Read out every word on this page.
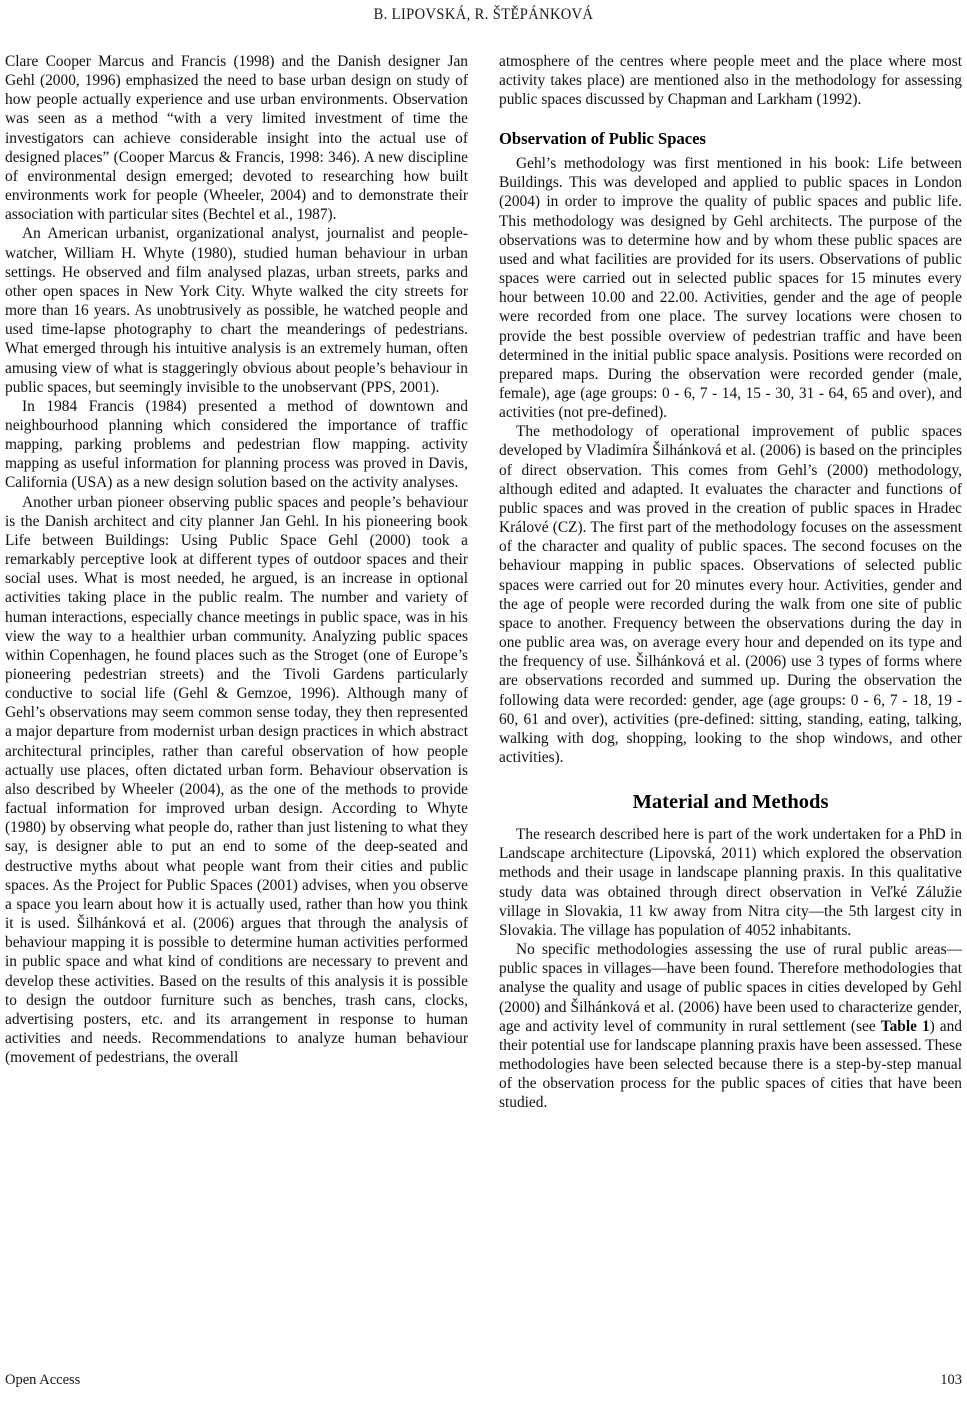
B. LIPOVSKÁ, R. ŠTĚPÁNKOVÁ

Clare Cooper Marcus and Francis (1998) and the Danish designer Jan Gehl (2000, 1996) emphasized the need to base urban design on study of how people actually experience and use urban environments. Observation was seen as a method “with a very limited investment of time the investigators can achieve considerable insight into the actual use of designed places” (Cooper Marcus & Francis, 1998: 346). A new discipline of environmental design emerged; devoted to researching how built environments work for people (Wheeler, 2004) and to demonstrate their association with particular sites (Bechtel et al., 1987).

An American urbanist, organizational analyst, journalist and people-watcher, William H. Whyte (1980), studied human behaviour in urban settings. He observed and film analysed plazas, urban streets, parks and other open spaces in New York City. Whyte walked the city streets for more than 16 years. As unobtrusively as possible, he watched people and used time-lapse photography to chart the meanderings of pedestrians. What emerged through his intuitive analysis is an extremely human, often amusing view of what is staggeringly obvious about people’s behaviour in public spaces, but seemingly invisible to the unobservant (PPS, 2001).

In 1984 Francis (1984) presented a method of downtown and neighbourhood planning which considered the importance of traffic mapping, parking problems and pedestrian flow mapping. activity mapping as useful information for planning process was proved in Davis, California (USA) as a new design solution based on the activity analyses.

Another urban pioneer observing public spaces and people’s behaviour is the Danish architect and city planner Jan Gehl. In his pioneering book Life between Buildings: Using Public Space Gehl (2000) took a remarkably perceptive look at different types of outdoor spaces and their social uses. What is most needed, he argued, is an increase in optional activities taking place in the public realm. The number and variety of human interactions, especially chance meetings in public space, was in his view the way to a healthier urban community. Analyzing public spaces within Copenhagen, he found places such as the Stroget (one of Europe’s pioneering pedestrian streets) and the Tivoli Gardens particularly conductive to social life (Gehl & Gemzoe, 1996). Although many of Gehl’s observations may seem common sense today, they then represented a major departure from modernist urban design practices in which abstract architectural principles, rather than careful observation of how people actually use places, often dictated urban form. Behaviour observation is also described by Wheeler (2004), as the one of the methods to provide factual information for improved urban design. According to Whyte (1980) by observing what people do, rather than just listening to what they say, is designer able to put an end to some of the deep-seated and destructive myths about what people want from their cities and public spaces. As the Project for Public Spaces (2001) advises, when you observe a space you learn about how it is actually used, rather than how you think it is used. Šilhánková et al. (2006) argues that through the analysis of behaviour mapping it is possible to determine human activities performed in public space and what kind of conditions are necessary to prevent and develop these activities. Based on the results of this analysis it is possible to design the outdoor furniture such as benches, trash cans, clocks, advertising posters, etc. and its arrangement in response to human activities and needs. Recommendations to analyze human behaviour (movement of pedestrians, the overall

atmosphere of the centres where people meet and the place where most activity takes place) are mentioned also in the methodology for assessing public spaces discussed by Chapman and Larkham (1992).

Observation of Public Spaces

Gehl’s methodology was first mentioned in his book: Life between Buildings. This was developed and applied to public spaces in London (2004) in order to improve the quality of public spaces and public life. This methodology was designed by Gehl architects. The purpose of the observations was to determine how and by whom these public spaces are used and what facilities are provided for its users. Observations of public spaces were carried out in selected public spaces for 15 minutes every hour between 10.00 and 22.00. Activities, gender and the age of people were recorded from one place. The survey locations were chosen to provide the best possible overview of pedestrian traffic and have been determined in the initial public space analysis. Positions were recorded on prepared maps. During the observation were recorded gender (male, female), age (age groups: 0 - 6, 7 - 14, 15 - 30, 31 - 64, 65 and over), and activities (not pre-defined).

The methodology of operational improvement of public spaces developed by Vladimíra Šilhánková et al. (2006) is based on the principles of direct observation. This comes from Gehl’s (2000) methodology, although edited and adapted. It evaluates the character and functions of public spaces and was proved in the creation of public spaces in Hradec Králové (CZ). The first part of the methodology focuses on the assessment of the character and quality of public spaces. The second focuses on the behaviour mapping in public spaces. Observations of selected public spaces were carried out for 20 minutes every hour. Activities, gender and the age of people were recorded during the walk from one site of public space to another. Frequency between the observations during the day in one public area was, on average every hour and depended on its type and the frequency of use. Šilhánková et al. (2006) use 3 types of forms where are observations recorded and summed up. During the observation the following data were recorded: gender, age (age groups: 0 - 6, 7 - 18, 19 - 60, 61 and over), activities (pre-defined: sitting, standing, eating, talking, walking with dog, shopping, looking to the shop windows, and other activities).

Material and Methods

The research described here is part of the work undertaken for a PhD in Landscape architecture (Lipovská, 2011) which explored the observation methods and their usage in landscape planning praxis. In this qualitative study data was obtained through direct observation in Veľké Zálužie village in Slovakia, 11 kw away from Nitra city—the 5th largest city in Slovakia. The village has population of 4052 inhabitants.

No specific methodologies assessing the use of rural public areas—public spaces in villages—have been found. Therefore methodologies that analyse the quality and usage of public spaces in cities developed by Gehl (2000) and Šilhánková et al. (2006) have been used to characterize gender, age and activity level of community in rural settlement (see Table 1) and their potential use for landscape planning praxis have been assessed. These methodologies have been selected because there is a step-by-step manual of the observation process for the public spaces of cities that have been studied.

Open Access	103
